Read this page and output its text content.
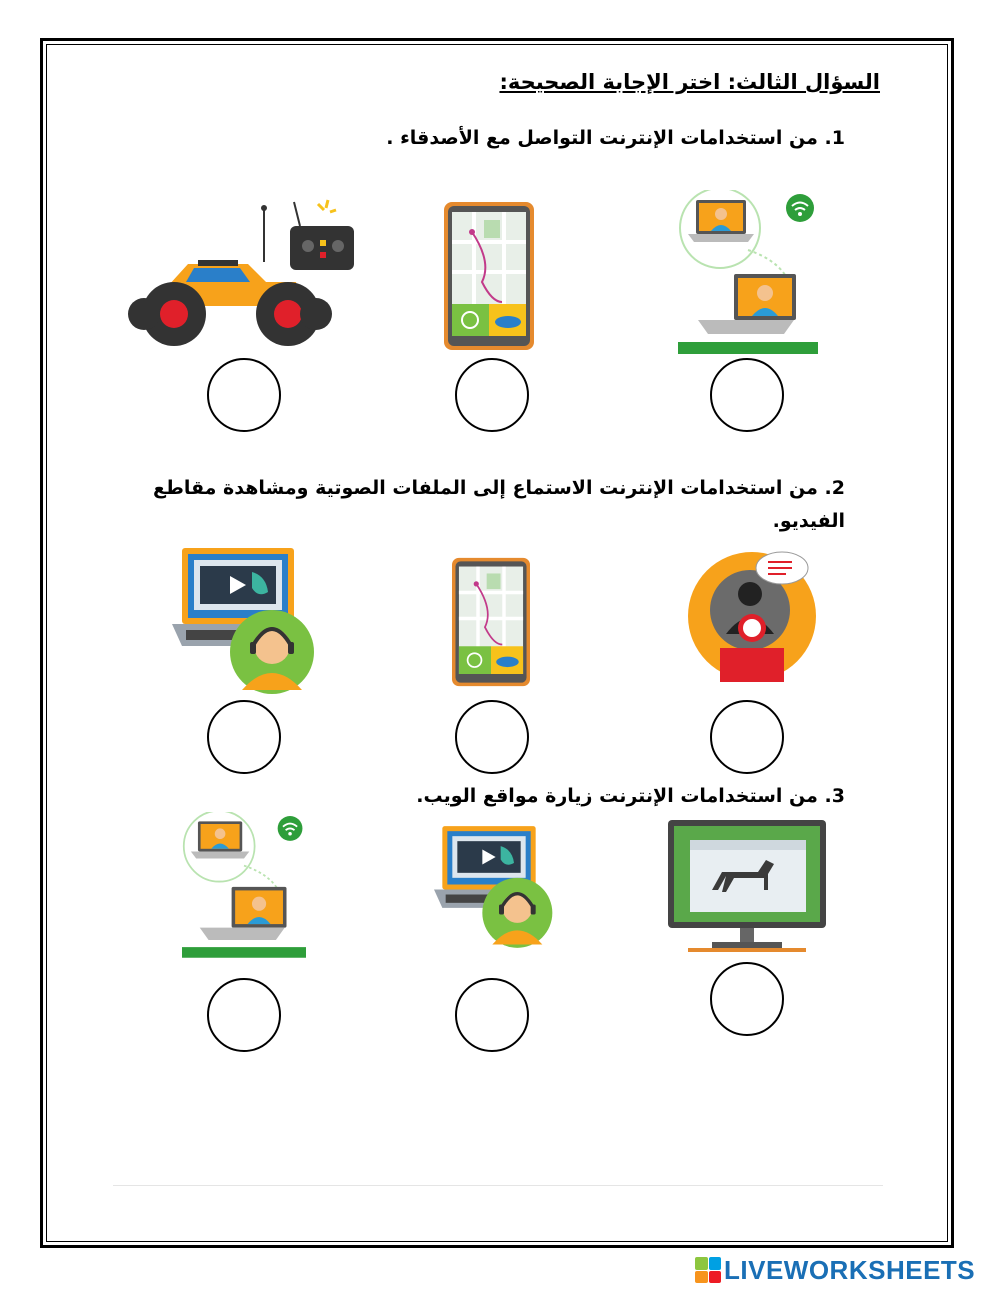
السؤال الثالث: اختر الإجابة الصحيحة:
1. من استخدامات الإنترنت التواصل مع الأصدقاء .
2. من استخدامات الإنترنت الاستماع إلى الملفات الصوتية ومشاهدة مقاطع
الفيديو.
3. من استخدامات الإنترنت زيارة مواقع الويب.
LIVEWORKSHEETS
